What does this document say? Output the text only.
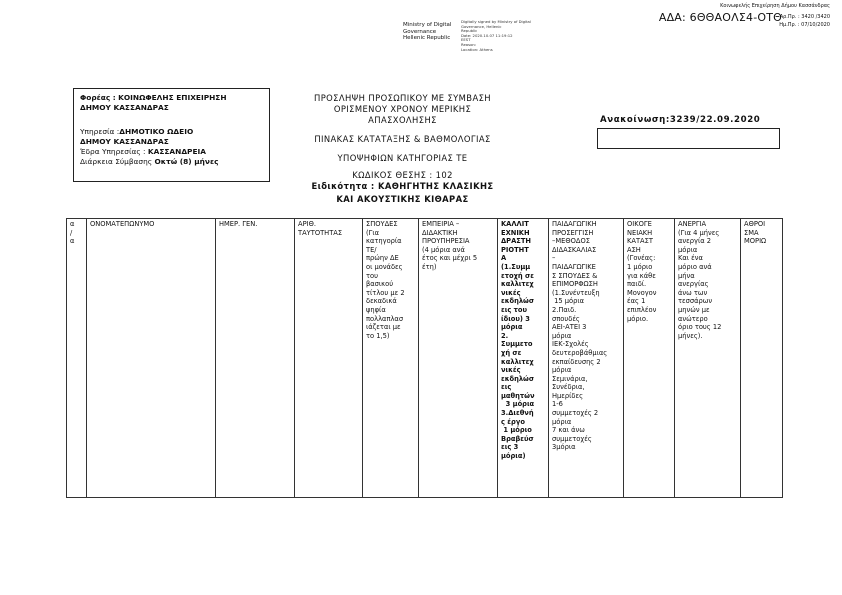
Κοινωφελής Επιχείρηση Δήμου Κασσάνδρας
ΑΔΑ: 6ΘΘΑΟΛΣ4-ΟΤΘ
Αρ.Πρ. : 3420 /3420
Ημ.Πρ. : 07/10/2020
Ministry of Digital
Governance
Hellenic Republic
Digitally signed by Ministry of Digital
Governance, Hellenic
Republic
Date: 2020.10.07 11:19:12
EEST
Reason:
Location: Athens
Φορέας : ΚΟΙΝΩΦΕΛΗΣ ΕΠΙΧΕΙΡΗΣΗ
ΔΗΜΟΥ ΚΑΣΣΑΝΔΡΑΣ
Υπηρεσία :ΔΗΜΟΤΙΚΟ ΩΔΕΙΟ
ΔΗΜΟΥ ΚΑΣΣΑΝΔΡΑΣ
Έδρα Υπηρεσίας : ΚΑΣΣΑΝΔΡΕΙΑ
Διάρκεια Σύμβασης Οκτώ (8) μήνες
ΠΡΟΣΛΗΨΗ ΠΡΟΣΩΠΙΚΟΥ ΜΕ ΣΥΜΒΑΣΗ
ΟΡΙΣΜΕΝΟΥ ΧΡΟΝΟΥ ΜΕΡΙΚΗΣ
ΑΠΑΣΧΟΛΗΣΗΣ
ΠΙΝΑΚΑΣ ΚΑΤΑΤΑΞΗΣ & ΒΑΘΜΟΛΟΓΙΑΣ
ΥΠΟΨΗΦΙΩΝ ΚΑΤΗΓΟΡΙΑΣ ΤΕ
ΚΩΔΙΚΟΣ ΘΕΣΗΣ : 102
Ειδικότητα : ΚΑΘΗΓΗΤΗΣ ΚΛΑΣΙΚΗΣ
ΚΑΙ ΑΚΟΥΣΤΙΚΗΣ ΚΙΘΑΡΑΣ
Ανακοίνωση:3239/22.09.2020
α
/
α

ΟΝΟΜΑΤΕΠΩΝΥΜΟ	ΗΜΕΡ. ΓΕΝ.	ΑΡΙΘ.
ΤΑΥΤΟΤΗΤΑΣ

ΣΠΟΥΔΕΣ
(Για
κατηγορία
ΤΕ/
πρώην ΔΕ
οι μονάδες
του
βασικού
τίτλου με 2
δεκαδικά
ψηφία
πολλαπλασ
ιάζεται με
το 1,5)

ΕΜΠΕΙΡΙΑ –
ΔΙΔΑΚΤΙΚΗ
ΠΡΟΥΠΗΡΕΣΙΑ
(4 μόρια ανά
έτος και μέχρι 5
έτη)

ΚΑΛΛΙΤ
ΕΧΝΙΚΗ
ΔΡΑΣΤΗ
ΡΙΟΤΗΤ
Α
(1.Συμμ
ετοχή σε
καλλιτεχ
νικές
εκδηλώσ
εις του
ίδιου) 3
μόρια
2.
Συμμετο
χή σε
καλλιτεχ
νικές
εκδηλώσ
εις
μαθητών
3 μόρια
3.Διεθνή
ς έργο
1 μόριο
Βραβεύσ
εις 3
μόρια)

ΠΑΙΔΑΓΩΓΙΚΗ
ΠΡΟΣΕΓΓΙΣΗ
–ΜΕΘΟΔΟΣ
ΔΙΔΑΣΚΑΛΙΑΣ
–
ΠΑΙΔΑΓΩΓΙΚΕ
Σ ΣΠΟΥΔΕΣ &
ΕΠΙΜΟΡΦΩΣΗ
(1.Συνέντευξη
15 μόρια
2.Παιδ.
σπουδές
ΑΕΙ-ΑΤΕΙ 3
μόρια
ΙΕΚ-Σχολές
δευτεροβάθμιας
εκπαίδευσης 2
μόρια
Σεμινάρια,
Συνέδρια,
Ημερίδες
1-6
συμμετοχές 2
μόρια
7 και άνω
συμμετοχές
3μόρια

ΟΙΚΟΓΕ
ΝΕΙΑΚΗ
ΚΑΤΑΣΤ
ΑΣΗ
(Γονέας:
1 μόριο
για κάθε
παιδί.
Μονογον
έας 1
επιπλέον
μόριο.

ΑΝΕΡΓΙΑ
(Για 4 μήνες
ανεργία 2
μόρια
Και ένα
μόριο ανά
μήνα
ανεργίας
άνω των
τεσσάρων
μηνών με
ανώτερο
όριο τους 12
μήνες).

ΑΘΡΟΙ
ΣΜΑ
ΜΟΡΙΩ
